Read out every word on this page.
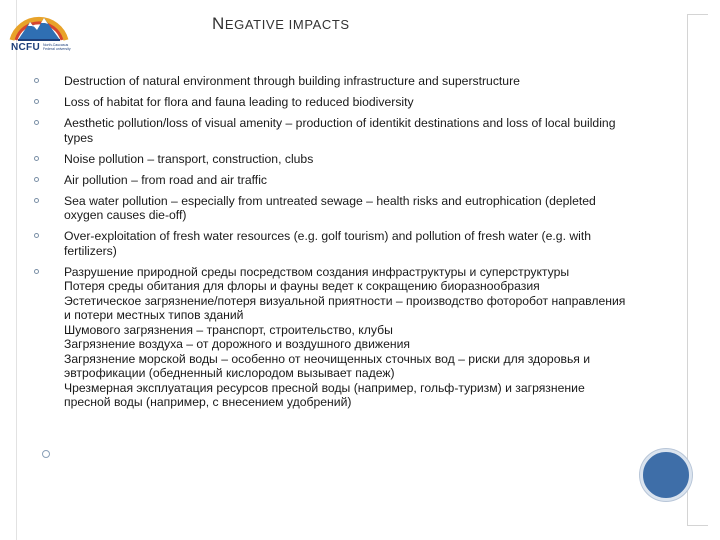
NCFU North-Caucasus Federal university
NEGATIVE IMPACTS
Destruction of natural environment through building infrastructure and superstructure
Loss of habitat for flora and fauna leading to reduced biodiversity
Aesthetic pollution/loss of visual amenity – production of identikit destinations and loss of local building types
Noise pollution – transport, construction, clubs
Air pollution – from road and air traffic
Sea water pollution – especially from untreated sewage – health risks and eutrophication (depleted oxygen causes die-off)
Over-exploitation of fresh water resources (e.g. golf tourism) and pollution of fresh water (e.g. with fertilizers)
Разрушение природной среды посредством создания инфраструктуры и суперструктуры
Потеря среды обитания для флоры и фауны ведет к сокращению биоразнообразия
Эстетическое загрязнение/потеря визуальной приятности – производство фоторобот направления и потери местных типов зданий
Шумового загрязнения – транспорт, строительство, клубы
Загрязнение воздуха – от дорожного и воздушного движения
Загрязнение морской воды – особенно от неочищенных сточных вод – риски для здоровья и эвтрофикации (обедненный кислородом вызывает падеж)
Чрезмерная эксплуатация ресурсов пресной воды (например, гольф-туризм) и загрязнение пресной воды (например, с внесением удобрений)
